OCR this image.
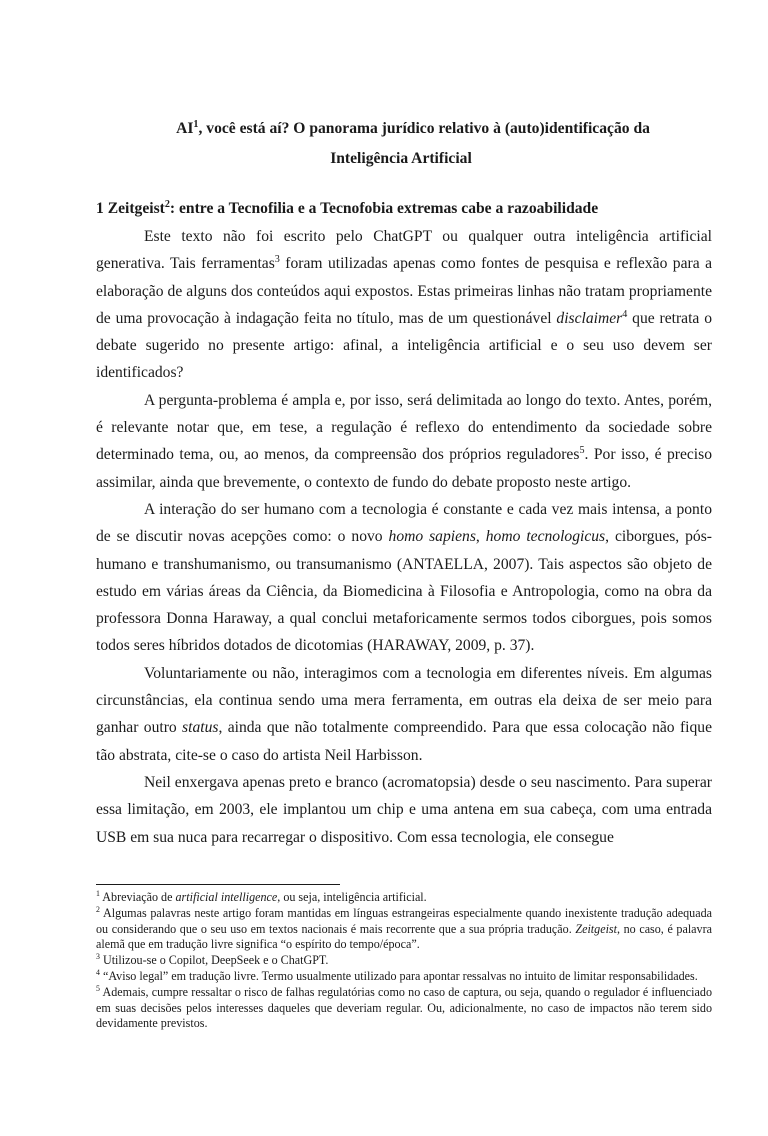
$AI^1$, você está aí? O panorama jurídico relativo à (auto)identificação da
Inteligência Artificial
1 Zeitgeist$^2$: entre a Tecnofilia e a Tecnofobia extremas cabe a razoabilidade

Este texto não foi escrito pelo ChatGPT ou qualquer outra inteligência artificial generativa. Tais ferramentas$^3$ foram utilizadas apenas como fontes de pesquisa e reflexão para a elaboração de alguns dos conteúdos aqui expostos. Estas primeiras linhas não tratam propriamente de uma provocação à indagação feita no título, mas de um questionável disclaimer$^4$ que retrata o debate sugerido no presente artigo: afinal, a inteligência artificial e o seu uso devem ser identificados?

A pergunta-problema é ampla e, por isso, será delimitada ao longo do texto. Antes, porém, é relevante notar que, em tese, a regulação é reflexo do entendimento da sociedade sobre determinado tema, ou, ao menos, da compreensão dos próprios reguladores$^5$. Por isso, é preciso assimilar, ainda que brevemente, o contexto de fundo do debate proposto neste artigo.

A interação do ser humano com a tecnologia é constante e cada vez mais intensa, a ponto de se discutir novas acepções como: o novo homo sapiens, homo tecnologicus, ciborgues, pós-humano e transhumanismo, ou transumanismo (ANTAELLA, 2007). Tais aspectos são objeto de estudo em várias áreas da Ciência, da Biomedicina à Filosofia e Antropologia, como na obra da professora Donna Haraway, a qual conclui metaforicamente sermos todos ciborgues, pois somos todos seres híbridos dotados de dicotomias (HARAWAY, 2009, p. 37).

Voluntariamente ou não, interagimos com a tecnologia em diferentes níveis. Em algumas circunstâncias, ela continua sendo uma mera ferramenta, em outras ela deixa de ser meio para ganhar outro status, ainda que não totalmente compreendido. Para que essa colocação não fique tão abstrata, cite-se o caso do artista Neil Harbisson.

Neil enxergava apenas preto e branco (acromatopsia) desde o seu nascimento. Para superar essa limitação, em 2003, ele implantou um chip e uma antena em sua cabeça, com uma entrada USB em sua nuca para recarregar o dispositivo. Com essa tecnologia, ele consegue

$^1$ Abreviação de artificial intelligence, ou seja, inteligência artificial.

$^2$ Algumas palavras neste artigo foram mantidas em línguas estrangeiras especialmente quando inexistente tradução adequada ou considerando que o seu uso em textos nacionais é mais recorrente que a sua própria tradução. Zeitgeist, no caso, é palavra alemã que em tradução livre significa “o espírito do tempo/época”.

$^3$ Utilizou-se o Copilot, DeepSeek e o ChatGPT.

$^4$ “Aviso legal” em tradução livre. Termo usualmente utilizado para apontar ressalvas no intuito de limitar responsabilidades.

$^5$ Ademais, cumpre ressaltar o risco de falhas regulatórias como no caso de captura, ou seja, quando o regulador é influenciado em suas decisões pelos interesses daqueles que deveriam regular. Ou, adicionalmente, no caso de impactos não terem sido devidamente previstos.
